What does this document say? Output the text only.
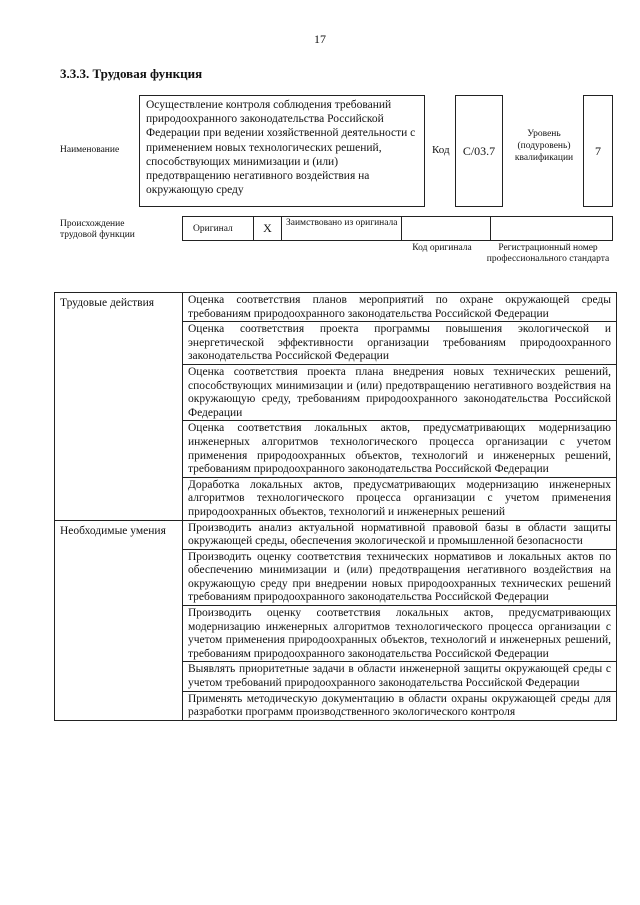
17
3.3.3. Трудовая функция
Наименование
Осуществление контроля соблюдения требований природоохранного законодательства Российской Федерации при ведении хозяйственной деятельности с применением новых технологических решений, способствующих минимизации и (или) предотвращению негативного воздействия на окружающую среду
Код	C/03.7
Уровень (подуровень) квалификации
7
Происхождение трудовой функции
Оригинал	X	Заимствовано из оригинала
Код оригинала	Регистрационный номер профессионального стандарта
Трудовые действия	Оценка соответствия планов мероприятий по охране окружающей среды требованиям природоохранного законодательства Российской Федерации
	Оценка соответствия проекта программы повышения экологической и энергетической эффективности организации требованиям природоохранного законодательства Российской Федерации
	Оценка соответствия проекта плана внедрения новых технических решений, способствующих минимизации и (или) предотвращению негативного воздействия на окружающую среду, требованиям природоохранного законодательства Российской Федерации
	Оценка соответствия локальных актов, предусматривающих модернизацию инженерных алгоритмов технологического процесса организации с учетом применения природоохранных объектов, технологий и инженерных решений, требованиям природоохранного законодательства Российской Федерации
	Доработка локальных актов, предусматривающих модернизацию инженерных алгоритмов технологического процесса организации с учетом применения природоохранных объектов, технологий и инженерных решений
Необходимые умения	Производить анализ актуальной нормативной правовой базы в области защиты окружающей среды, обеспечения экологической и промышленной безопасности
	Производить оценку соответствия технических нормативов и локальных актов по обеспечению минимизации и (или) предотвращения негативного воздействия на окружающую среду при внедрении новых природоохранных технических решений требованиям природоохранного законодательства Российской Федерации
	Производить оценку соответствия локальных актов, предусматривающих модернизацию инженерных алгоритмов технологического процесса организации с учетом применения природоохранных объектов, технологий и инженерных решений, требованиям природоохранного законодательства Российской Федерации
	Выявлять приоритетные задачи в области инженерной защиты окружающей среды с учетом требований природоохранного законодательства Российской Федерации
	Применять методическую документацию в области охраны окружающей среды для разработки программ производственного экологического контроля
